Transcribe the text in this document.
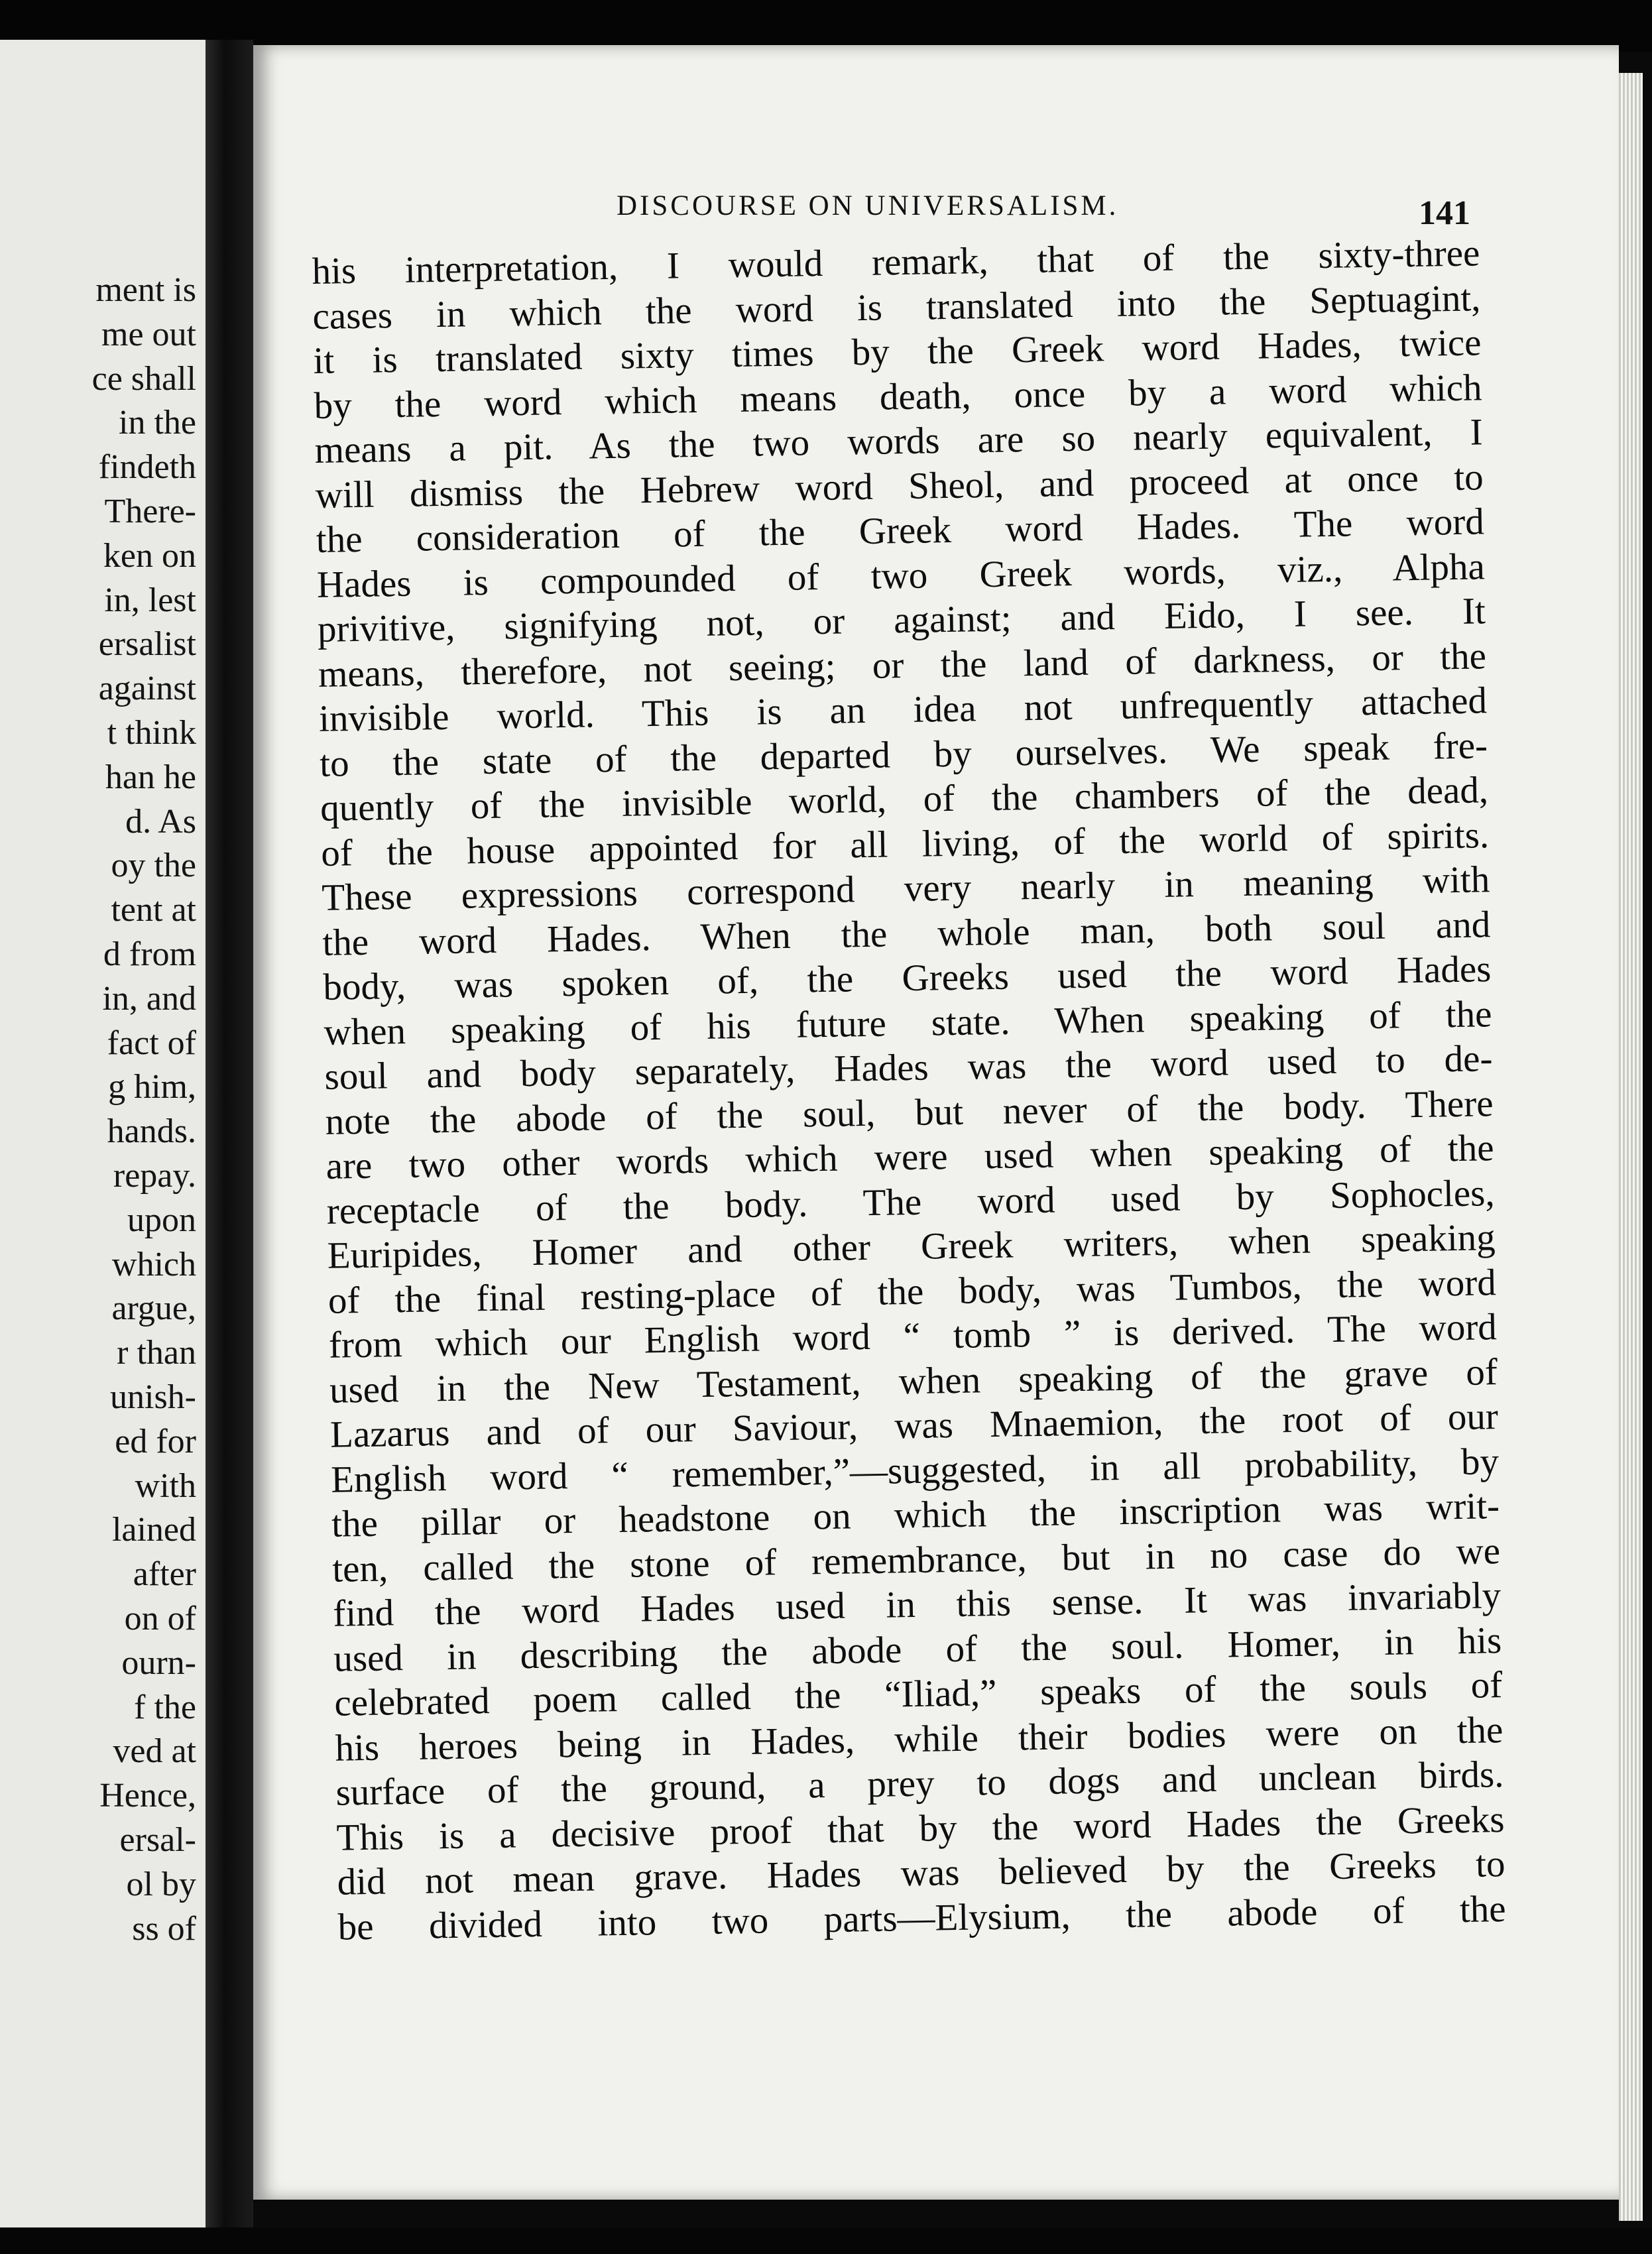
ment is
me out
ce shall
in the
findeth
There-
ken on
in, lest
ersalist
against
t think
han he
d. As
oy the
tent at
d from
in, and
fact of
g him,
hands.
repay.
upon
which
argue,
r than
unish-
ed for
with
lained
after
on of
ourn-
f the
ved at
Hence,
ersal-
ol by
ss of
DISCOURSE ON UNIVERSALISM.	141
his interpretation, I would remark, that of the sixty-three
cases in which the word is translated into the Septuagint,
it is translated sixty times by the Greek word Hades, twice
by the word which means death, once by a word which
means a pit. As the two words are so nearly equivalent, I
will dismiss the Hebrew word Sheol, and proceed at once to
the consideration of the Greek word Hades. The word
Hades is compounded of two Greek words, viz., Alpha
privitive, signifying not, or against; and Eido, I see. It
means, therefore, not seeing; or the land of darkness, or the
invisible world. This is an idea not unfrequently attached
to the state of the departed by ourselves. We speak fre-
quently of the invisible world, of the chambers of the dead,
of the house appointed for all living, of the world of spirits.
These expressions correspond very nearly in meaning with
the word Hades. When the whole man, both soul and
body, was spoken of, the Greeks used the word Hades
when speaking of his future state. When speaking of the
soul and body separately, Hades was the word used to de-
note the abode of the soul, but never of the body. There
are two other words which were used when speaking of the
receptacle of the body. The word used by Sophocles,
Euripides, Homer and other Greek writers, when speaking
of the final resting-place of the body, was Tumbos, the word
from which our English word “ tomb ” is derived. The word
used in the New Testament, when speaking of the grave of
Lazarus and of our Saviour, was Mnaemion, the root of our
English word “ remember,”—suggested, in all probability, by
the pillar or headstone on which the inscription was writ-
ten, called the stone of remembrance, but in no case do we
find the word Hades used in this sense. It was invariably
used in describing the abode of the soul. Homer, in his
celebrated poem called the “Iliad,” speaks of the souls of
his heroes being in Hades, while their bodies were on the
surface of the ground, a prey to dogs and unclean birds.
This is a decisive proof that by the word Hades the Greeks
did not mean grave. Hades was believed by the Greeks to
be divided into two parts—Elysium, the abode of the
